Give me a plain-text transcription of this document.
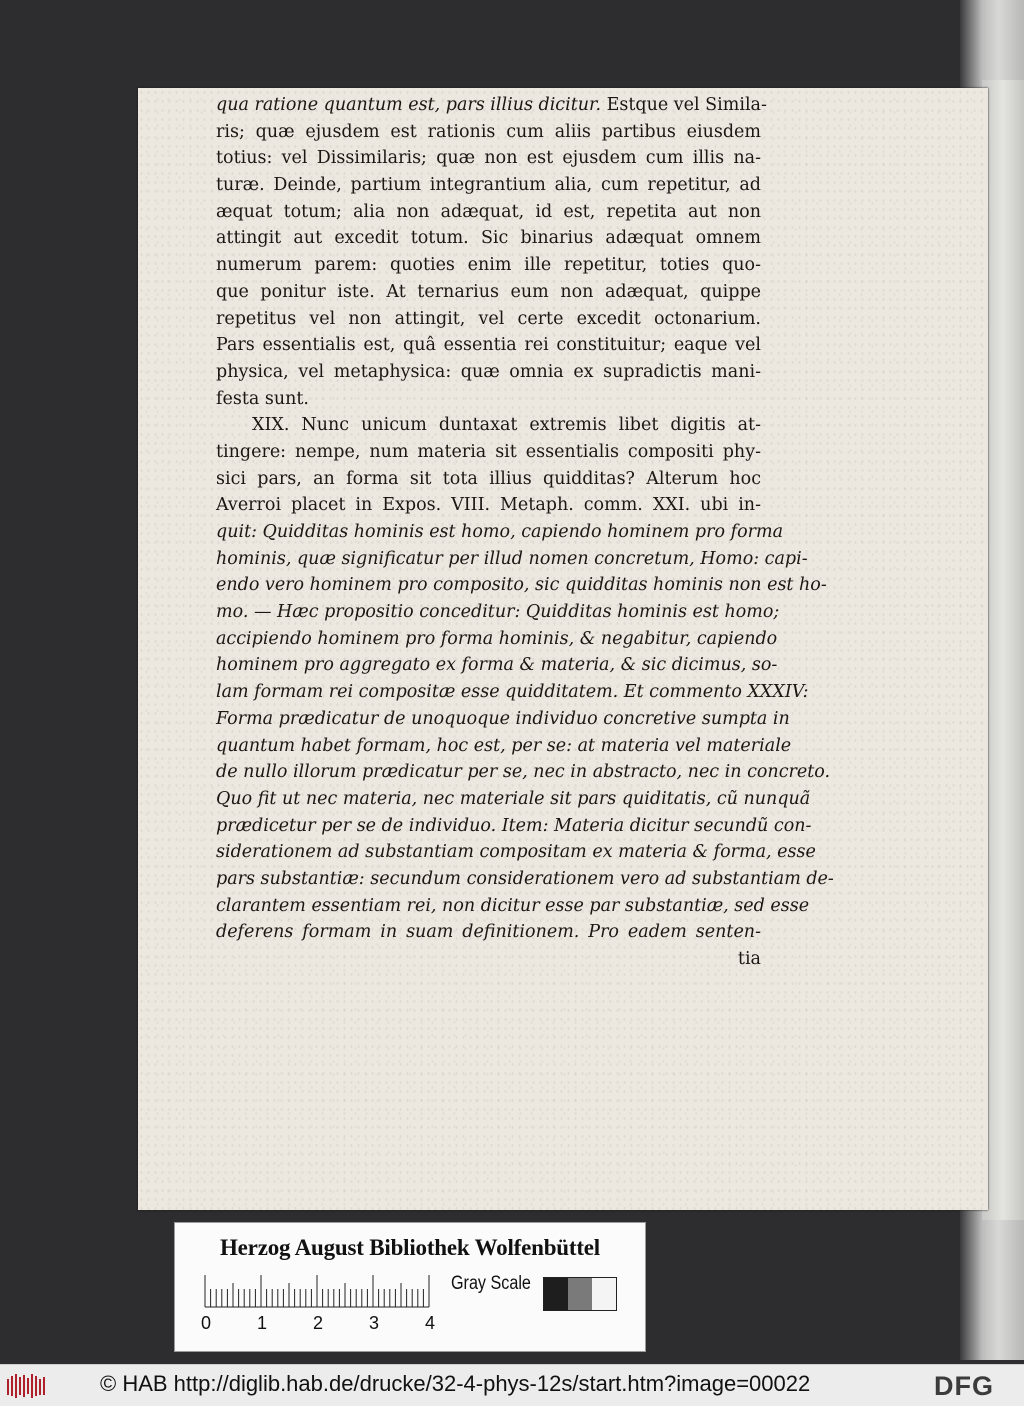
qua ratione quantum est, pars illius dicitur. Estque vel Simila-
ris; quæ ejusdem est rationis cum aliis partibus eiusdem
totius: vel Dissimilaris; quæ non est ejusdem cum illis na-
turæ. Deinde, partium integrantium alia, cum repetitur, ad
æquat totum; alia non adæquat, id est, repetita aut non
attingit aut excedit totum. Sic binarius adæquat omnem
numerum parem: quoties enim ille repetitur, toties quo-
que ponitur iste. At ternarius eum non adæquat, quippe
repetitus vel non attingit, vel certe excedit octonarium.
Pars essentialis est, quâ essentia rei constituitur; eaque vel
physica, vel metaphysica: quæ omnia ex supradictis mani-
festa sunt.
XIX. Nunc unicum duntaxat extremis libet digitis at-
tingere: nempe, num materia sit essentialis compositi phy-
sici pars, an forma sit tota illius quidditas? Alterum hoc
Averroi placet in Expos. VIII. Metaph. comm. XXI. ubi in-
quit: Quidditas hominis est homo, capiendo hominem pro forma
hominis, quæ significatur per illud nomen concretum, Homo: capi-
endo vero hominem pro composito, sic quidditas hominis non est ho-
mo. — Hæc propositio conceditur: Quidditas hominis est homo;
accipiendo hominem pro forma hominis, & negabitur, capiendo
hominem pro aggregato ex forma & materia, & sic dicimus, so-
lam formam rei compositæ esse quidditatem. Et commento XXXIV:
Forma prædicatur de unoquoque individuo concretive sumpta in
quantum habet formam, hoc est, per se: at materia vel materiale
de nullo illorum prædicatur per se, nec in abstracto, nec in concreto.
Quo fit ut nec materia, nec materiale sit pars quiditatis, cũ nunquã
prædicetur per se de individuo. Item: Materia dicitur secundũ con-
siderationem ad substantiam compositam ex materia & forma, esse
pars substantiæ: secundum considerationem vero ad substantiam de-
clarantem essentiam rei, non dicitur esse par substantiæ, sed esse
deferens formam in suam definitionem. Pro eadem senten-
tia
Herzog August Bibliothek Wolfenbüttel
0	1	2	3	4
Gray Scale
© HAB http://diglib.hab.de/drucke/32-4-phys-12s/start.htm?image=00022	DFG
